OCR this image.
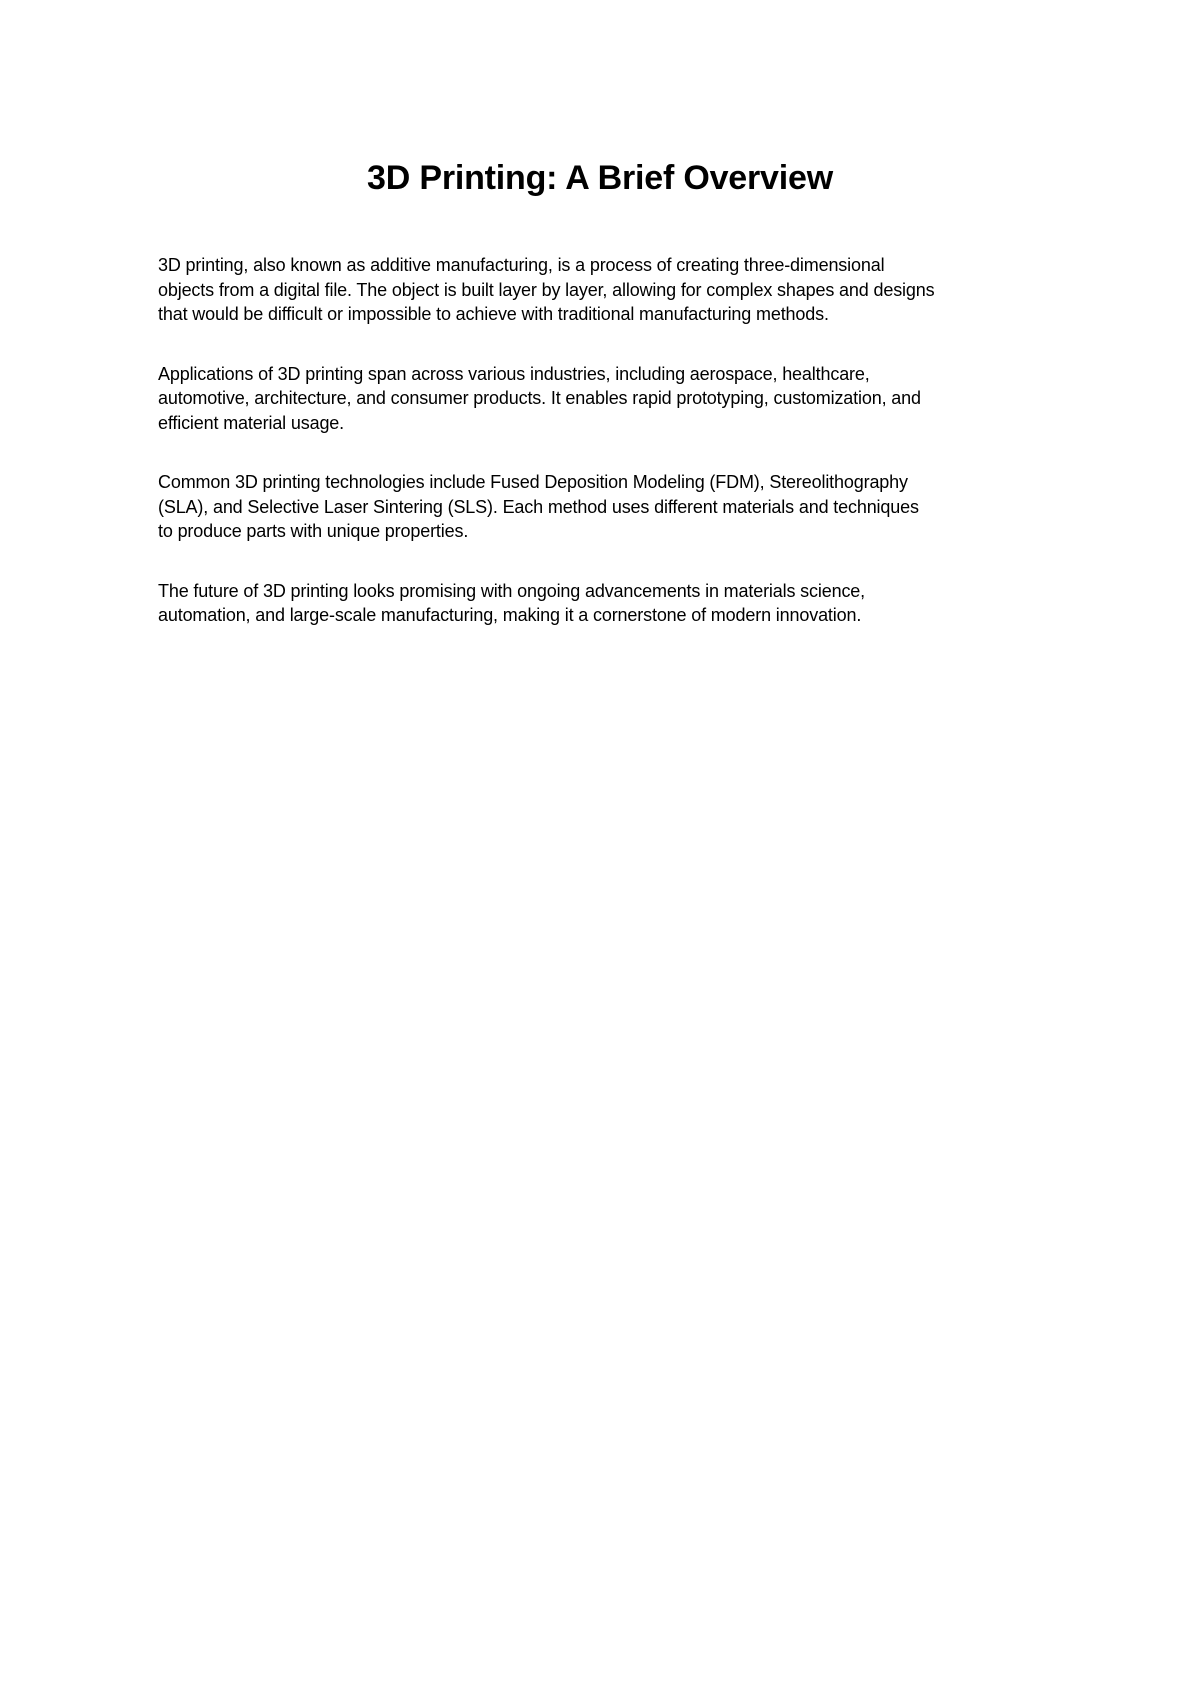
3D Printing: A Brief Overview

3D printing, also known as additive manufacturing, is a process of creating three-dimensional
objects from a digital file. The object is built layer by layer, allowing for complex shapes and designs
that would be difficult or impossible to achieve with traditional manufacturing methods.

Applications of 3D printing span across various industries, including aerospace, healthcare,
automotive, architecture, and consumer products. It enables rapid prototyping, customization, and
efficient material usage.

Common 3D printing technologies include Fused Deposition Modeling (FDM), Stereolithography
(SLA), and Selective Laser Sintering (SLS). Each method uses different materials and techniques
to produce parts with unique properties.

The future of 3D printing looks promising with ongoing advancements in materials science,
automation, and large-scale manufacturing, making it a cornerstone of modern innovation.
